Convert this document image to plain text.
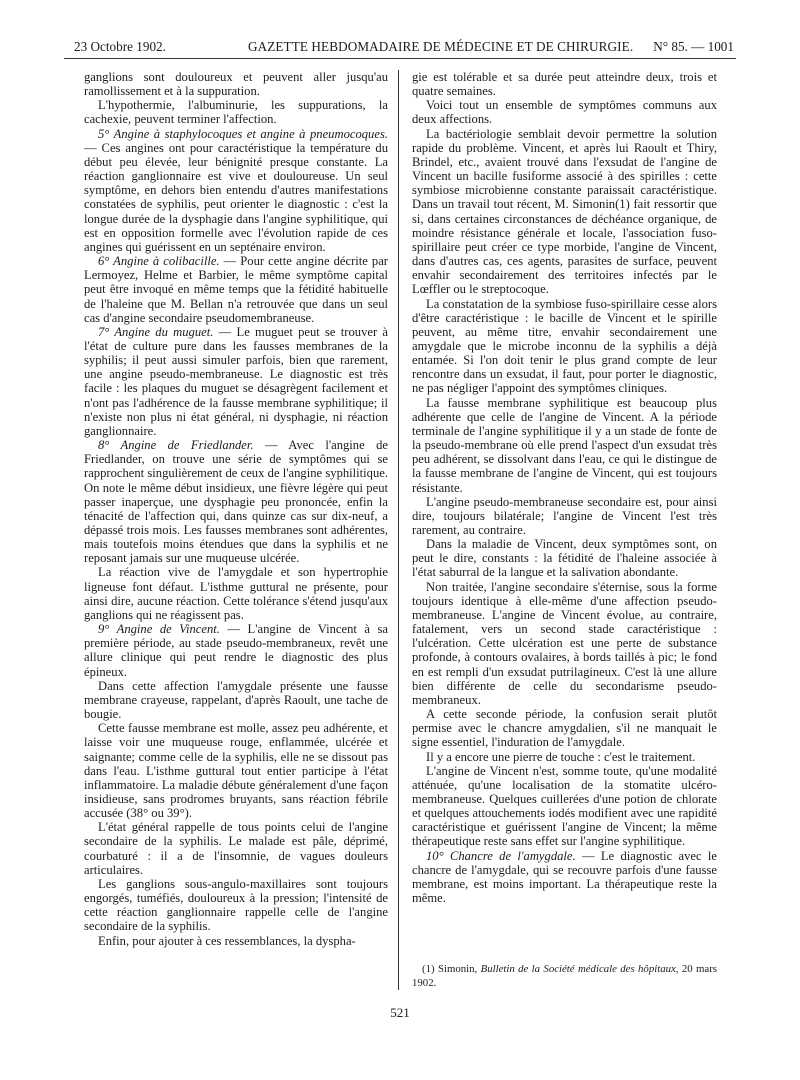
23 Octobre 1902.	GAZETTE HEBDOMADAIRE DE MÉDECINE ET DE CHIRURGIE. N° 85. — 1001

ganglions sont douloureux et peuvent aller jusqu'au ramollissement et à la suppuration.

L'hypothermie, l'albuminurie, les suppurations, la cachexie, peuvent terminer l'affection.

5° Angine à staphylocoques et angine à pneumocoques. — Ces angines ont pour caractéristique la température du début peu élevée, leur bénignité presque constante. La réaction ganglionnaire est vive et douloureuse. Un seul symptôme, en dehors bien entendu d'autres manifestations constatées de syphilis, peut orienter le diagnostic : c'est la longue durée de la dysphagie dans l'angine syphilitique, qui est en opposition formelle avec l'évolution rapide de ces angines qui guérissent en un septénaire environ.

6° Angine à colibacille. — Pour cette angine décrite par Lermoyez, Helme et Barbier, le même symptôme capital peut être invoqué en même temps que la fétidité habituelle de l'haleine que M. Bellan n'a retrouvée que dans un seul cas d'angine secondaire pseudomembraneuse.

7° Angine du muguet. — Le muguet peut se trouver à l'état de culture pure dans les fausses membranes de la syphilis; il peut aussi simuler parfois, bien que rarement, une angine pseudo-membraneuse. Le diagnostic est très facile : les plaques du muguet se désagrègent facilement et n'ont pas l'adhérence de la fausse membrane syphilitique; il n'existe non plus ni état général, ni dysphagie, ni réaction ganglionnaire.

8° Angine de Friedlander. — Avec l'angine de Friedlander, on trouve une série de symptômes qui se rapprochent singulièrement de ceux de l'angine syphilitique. On note le même début insidieux, une fièvre légère qui peut passer inaperçue, une dysphagie peu prononcée, enfin la ténacité de l'affection qui, dans quinze cas sur dix-neuf, a dépassé trois mois. Les fausses membranes sont adhérentes, mais toutefois moins étendues que dans la syphilis et ne reposant jamais sur une muqueuse ulcérée.

La réaction vive de l'amygdale et son hypertrophie ligneuse font défaut. L'isthme guttural ne présente, pour ainsi dire, aucune réaction. Cette tolérance s'étend jusqu'aux ganglions qui ne réagissent pas.

9° Angine de Vincent. — L'angine de Vincent à sa première période, au stade pseudo-membraneux, revêt une allure clinique qui peut rendre le diagnostic des plus épineux.

Dans cette affection l'amygdale présente une fausse membrane crayeuse, rappelant, d'après Raoult, une tache de bougie.

Cette fausse membrane est molle, assez peu adhérente, et laisse voir une muqueuse rouge, enflammée, ulcérée et saignante; comme celle de la syphilis, elle ne se dissout pas dans l'eau. L'isthme guttural tout entier participe à l'état inflammatoire. La maladie débute généralement d'une façon insidieuse, sans prodromes bruyants, sans réaction fébrile accusée (38° ou 39°).

L'état général rappelle de tous points celui de l'angine secondaire de la syphilis. Le malade est pâle, déprimé, courbaturé : il a de l'insomnie, de vagues douleurs articulaires.

Les ganglions sous-angulo-maxillaires sont toujours engorgés, tuméfiés, douloureux à la pression; l'intensité de cette réaction ganglionnaire rappelle celle de l'angine secondaire de la syphilis.

Enfin, pour ajouter à ces ressemblances, la dyspha-

gie est tolérable et sa durée peut atteindre deux, trois et quatre semaines.

Voici tout un ensemble de symptômes communs aux deux affections.

La bactériologie semblait devoir permettre la solution rapide du problème. Vincent, et après lui Raoult et Thiry, Brindel, etc., avaient trouvé dans l'exsudat de l'angine de Vincent un bacille fusiforme associé à des spirilles : cette symbiose microbienne constante paraissait caractéristique. Dans un travail tout récent, M. Simonin(1) fait ressortir que si, dans certaines circonstances de déchéance organique, de moindre résistance générale et locale, l'association fuso-spirillaire peut créer ce type morbide, l'angine de Vincent, dans d'autres cas, ces agents, parasites de surface, peuvent envahir secondairement des territoires infectés par le Lœffler ou le streptocoque.

La constatation de la symbiose fuso-spirillaire cesse alors d'être caractéristique : le bacille de Vincent et le spirille peuvent, au même titre, envahir secondairement une amygdale que le microbe inconnu de la syphilis a déjà entamée. Si l'on doit tenir le plus grand compte de leur rencontre dans un exsudat, il faut, pour porter le diagnostic, ne pas négliger l'appoint des symptômes cliniques.

La fausse membrane syphilitique est beaucoup plus adhérente que celle de l'angine de Vincent. A la période terminale de l'angine syphilitique il y a un stade de fonte de la pseudo-membrane où elle prend l'aspect d'un exsudat très peu adhérent, se dissolvant dans l'eau, ce qui le distingue de la fausse membrane de l'angine de Vincent, qui est toujours résistante.

L'angine pseudo-membraneuse secondaire est, pour ainsi dire, toujours bilatérale; l'angine de Vincent l'est très rarement, au contraire.

Dans la maladie de Vincent, deux symptômes sont, on peut le dire, constants : la fétidité de l'haleine associée à l'état saburral de la langue et la salivation abondante.

Non traitée, l'angine secondaire s'éternise, sous la forme toujours identique à elle-même d'une affection pseudo-membraneuse. L'angine de Vincent évolue, au contraire, fatalement, vers un second stade caractéristique : l'ulcération. Cette ulcération est une perte de substance profonde, à contours ovalaires, à bords taillés à pic; le fond en est rempli d'un exsudat putrilagineux. C'est là une allure bien différente de celle du secondarisme pseudo-membraneux.

A cette seconde période, la confusion serait plutôt permise avec le chancre amygdalien, s'il ne manquait le signe essentiel, l'induration de l'amygdale.

Il y a encore une pierre de touche : c'est le traitement.

L'angine de Vincent n'est, somme toute, qu'une modalité atténuée, qu'une localisation de la stomatite ulcéro-membraneuse. Quelques cuillerées d'une potion de chlorate et quelques attouchements iodés modifient avec une rapidité caractéristique et guérissent l'angine de Vincent; la même thérapeutique reste sans effet sur l'angine syphilitique.

10° Chancre de l'amygdale. — Le diagnostic avec le chancre de l'amygdale, qui se recouvre parfois d'une fausse membrane, est moins important. La thérapeutique reste la même.

(1) Simonin, Bulletin de la Société médicale des hôpitaux, 20 mars 1902.

521
